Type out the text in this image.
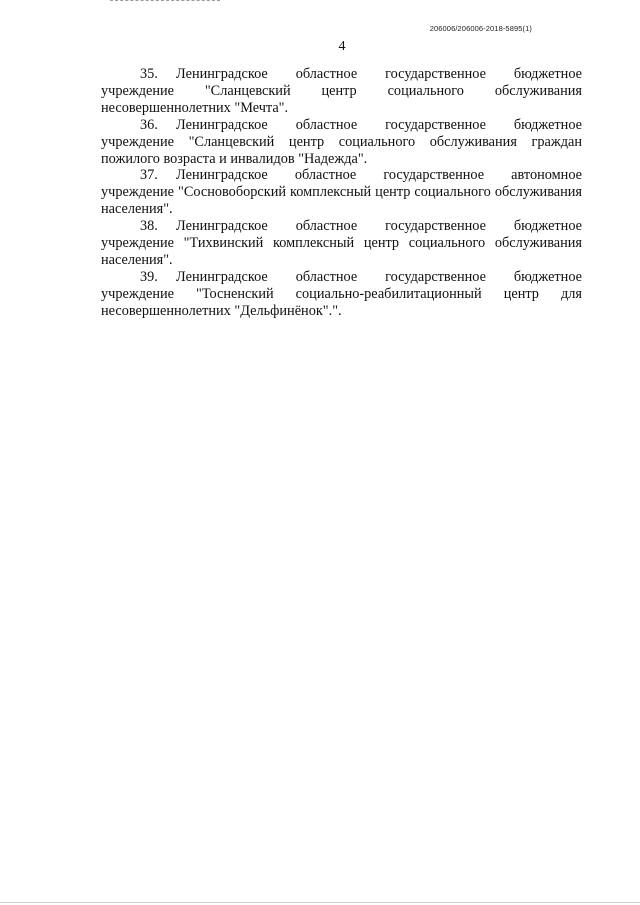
206006/206006-2018-5895(1)
4

35. Ленинградское областное государственное бюджетное учреждение "Сланцевский центр социального обслуживания несовершеннолетних "Мечта".

36. Ленинградское областное государственное бюджетное учреждение "Сланцевский центр социального обслуживания граждан пожилого возраста и инвалидов "Надежда".

37. Ленинградское областное государственное автономное учреждение "Сосновоборский комплексный центр социального обслуживания населения".

38. Ленинградское областное государственное бюджетное учреждение "Тихвинский комплексный центр социального обслуживания населения".

39. Ленинградское областное государственное бюджетное учреждение "Тосненский социально-реабилитационный центр для несовершеннолетних "Дельфинёнок".".
